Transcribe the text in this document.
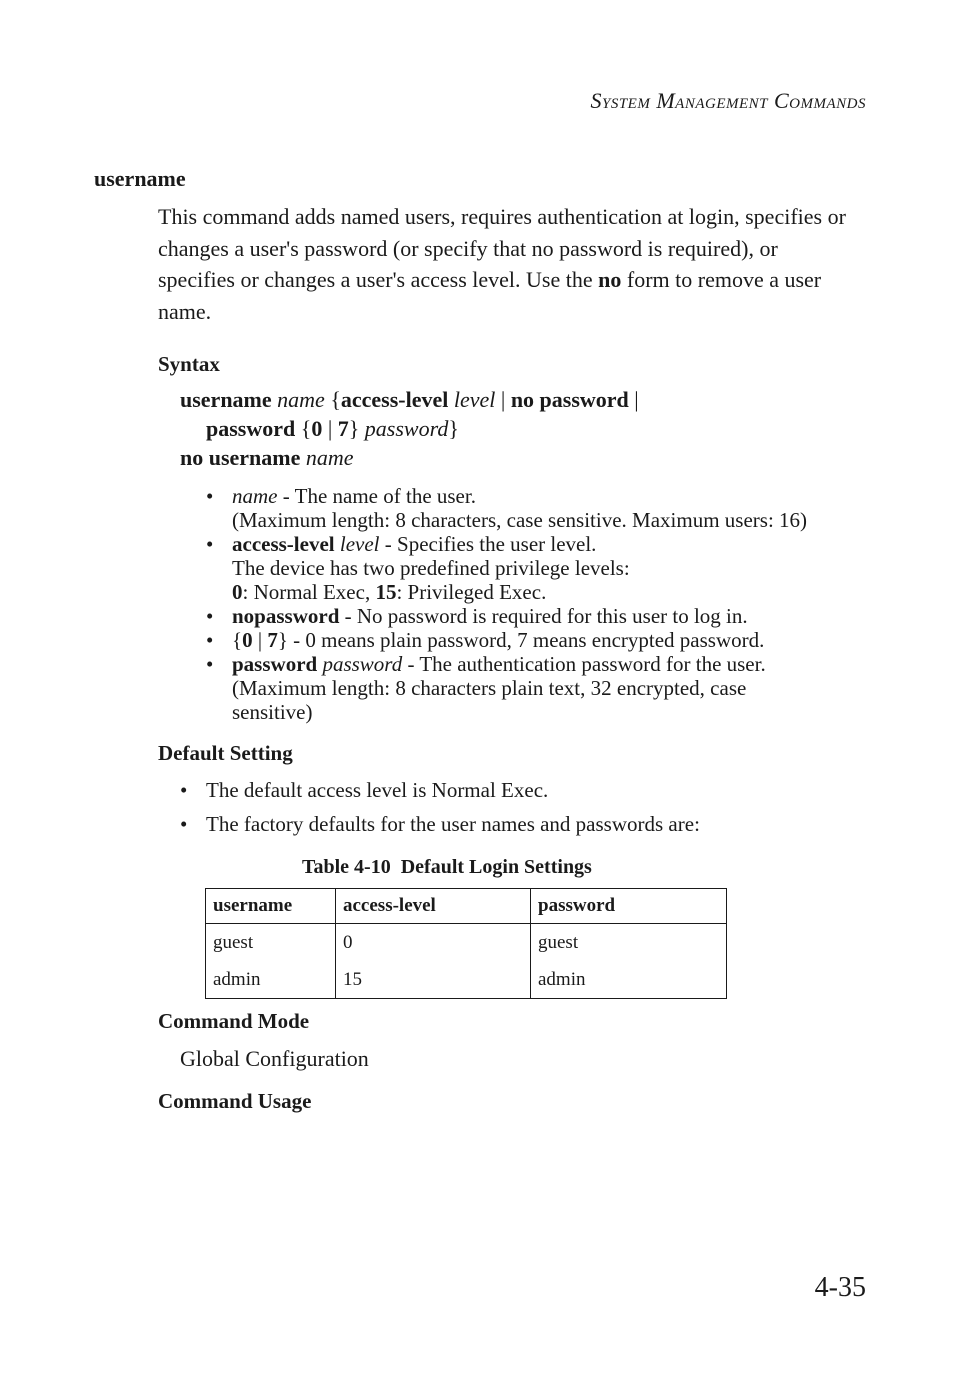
System Management Commands
username
This command adds named users, requires authentication at login, specifies or changes a user's password (or specify that no password is required), or specifies or changes a user's access level. Use the no form to remove a user name.
Syntax
username name {access-level level | no password |
password {0 | 7} password}
no username name
• name - The name of the user.
(Maximum length: 8 characters, case sensitive. Maximum users: 16)
• access-level level - Specifies the user level.
The device has two predefined privilege levels:
0: Normal Exec, 15: Privileged Exec.
• nopassword - No password is required for this user to log in.
• {0 | 7} - 0 means plain password, 7 means encrypted password.
• password password - The authentication password for the user.
(Maximum length: 8 characters plain text, 32 encrypted, case
sensitive)
Default Setting
• The default access level is Normal Exec.
• The factory defaults for the user names and passwords are:
Table 4-10  Default Login Settings
username	access-level	password
guest	0	guest
admin	15	admin
Command Mode
Global Configuration
Command Usage
4-35
